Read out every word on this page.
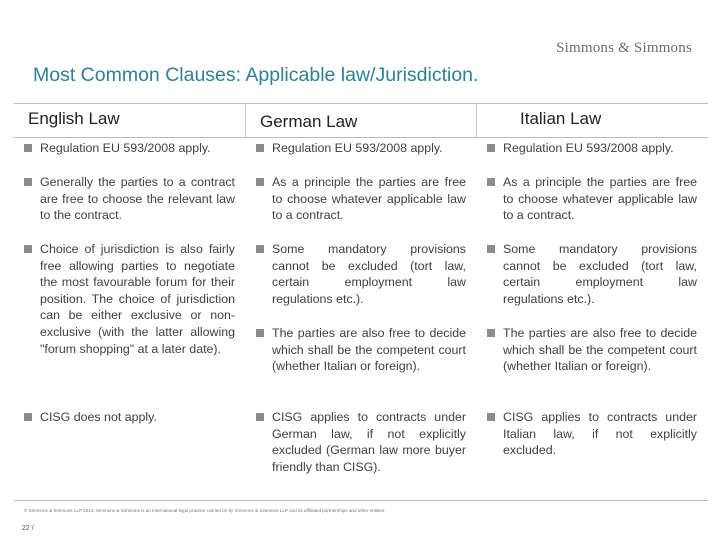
Simmons & Simmons
Most Common Clauses: Applicable law/Jurisdiction.
English Law
Regulation EU 593/2008 apply.
Generally the parties to a contract are free to choose the relevant law to the contract.
Choice of jurisdiction is also fairly free allowing parties to negotiate the most favourable forum for their position. The choice of jurisdiction can be either exclusive or non-exclusive (with the latter allowing "forum shopping" at a later date).
CISG does not apply.
German Law
Regulation EU 593/2008 apply.
As a principle the parties are free to choose whatever applicable law to a contract.
Some mandatory provisions cannot be excluded (tort law, certain employment law regulations etc.).
The parties are also free to decide which shall be the competent court (whether Italian or foreign).
CISG applies to contracts under German law, if not explicitly excluded (German law more buyer friendly than CISG).
Italian Law
Regulation EU 593/2008 apply.
As a principle the parties are free to choose whatever applicable law to a contract.
Some mandatory provisions cannot be excluded (tort law, certain employment law regulations etc.).
The parties are also free to decide which shall be the competent court (whether Italian or foreign).
CISG applies to contracts under Italian law, if not explicitly excluded.
© Simmons & Simmons LLP 2013. Simmons & Simmons is an international legal practice carried on by Simmons & Simmons LLP and its affiliated partnerships and other entities.
22 /
